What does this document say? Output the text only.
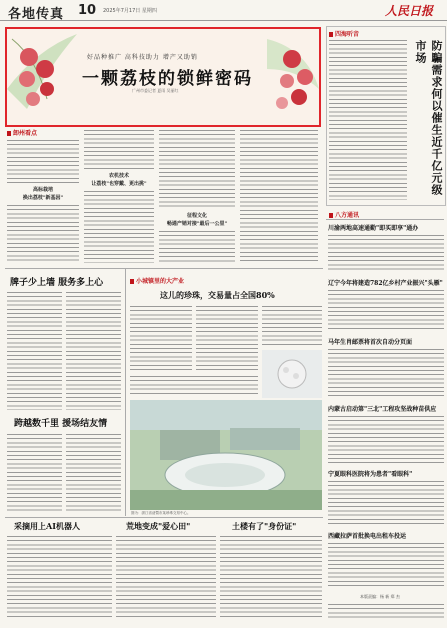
各地传真 10 2025年7月17日 星期四	人民日报
好品种推广 高科技助力 增产又助销
一颗荔枝的锁鲜密码
广州市委记者 夏雨 吴丽红
卸州看点
高标栽培
换出荔枝"新基因"
农机技术
让荔枝"也穿戴、更出挑"
征程文化
畅通产销对接"最后一公里"
四海听音
防騙需求何以催生近千亿元级市场
八方通讯
川渝两地高速通勤"即买即享"通办
辽宁今年将建造782亿乡村产业振兴"头雁"
马年生肖邮票将首次自动分页面
内蒙古启动第"三北"工程攻坚战种苗供应
宁夏眼科医院将为患者"看眼科"
西藏拉萨首批换电出租车投运
牌子少上墙 服务多上心
跨越数千里 援场结友情
小城镇里的大产业
这儿的珍珠，交易量占全国80%
图为：浙江省诸暨市某珍珠交易中心。
采摘用上AI机器人	荒地变成"爱心田"	土楼有了"身份证"
本版责编：杨 新 郑 杰
